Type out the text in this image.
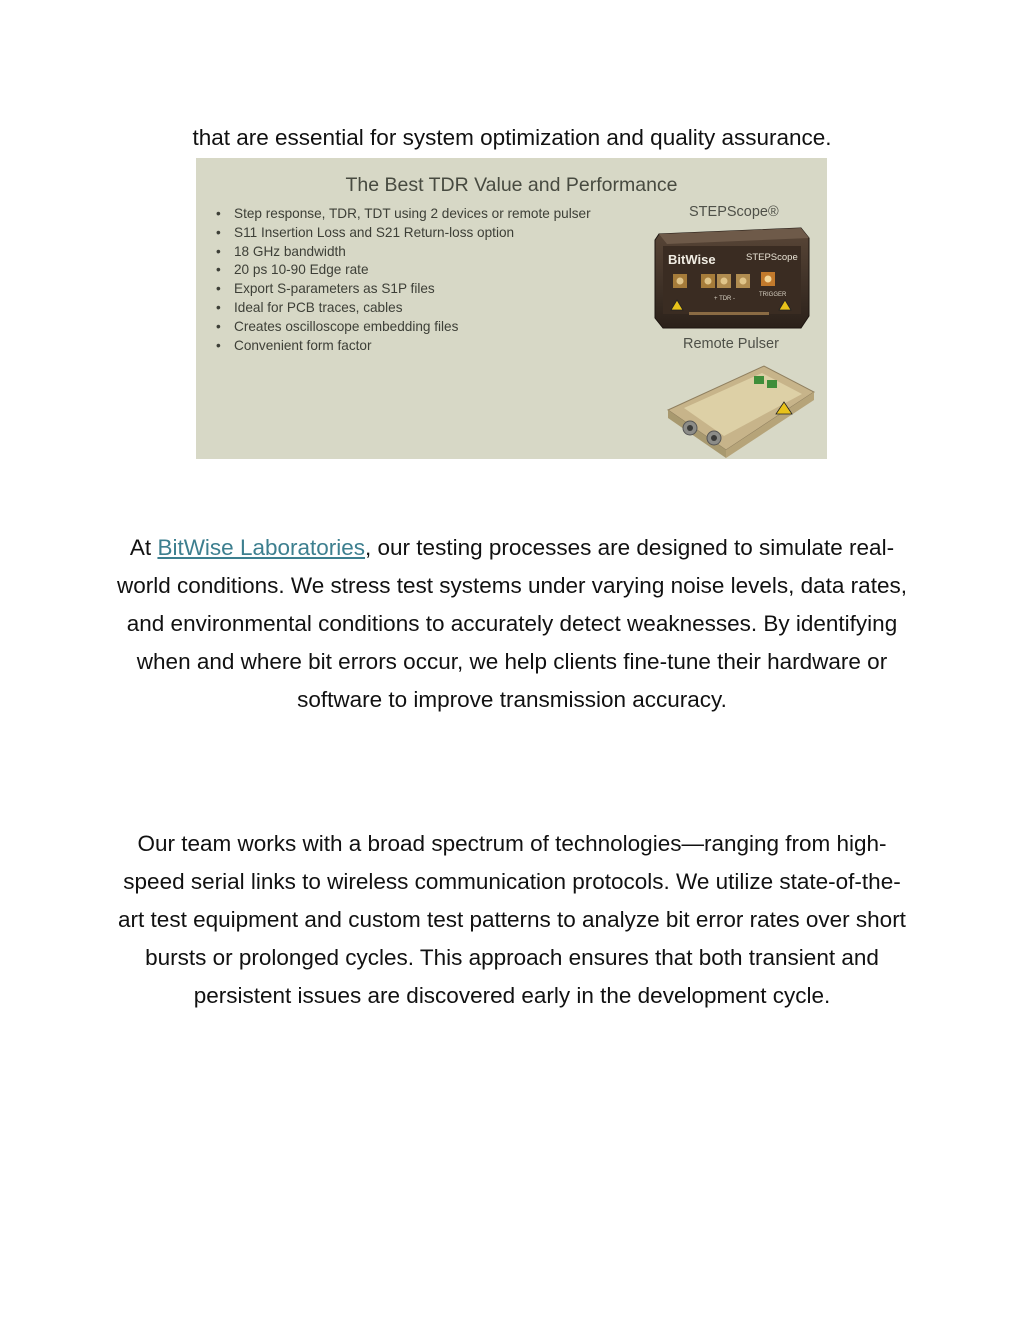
that are essential for system optimization and quality assurance.

The Best TDR Value and Performance
• Step response, TDR, TDT using 2 devices or remote pulser
• S11 Insertion Loss and S21 Return-loss option
• 18 GHz bandwidth
• 20 ps 10-90 Edge rate
• Export S-parameters as S1P files
• Ideal for PCB traces, cables
• Creates oscilloscope embedding files
• Convenient form factor
STEPScope®
Remote Pulser
BitWise	STEPScope
+ TDR -
TRIGGER

At BitWise Laboratories, our testing processes are designed to simulate real-world conditions. We stress test systems under varying noise levels, data rates, and environmental conditions to accurately detect weaknesses. By identifying when and where bit errors occur, we help clients fine-tune their hardware or software to improve transmission accuracy.

Our team works with a broad spectrum of technologies—ranging from high-speed serial links to wireless communication protocols. We utilize state-of-the-art test equipment and custom test patterns to analyze bit error rates over short bursts or prolonged cycles. This approach ensures that both transient and persistent issues are discovered early in the development cycle.
